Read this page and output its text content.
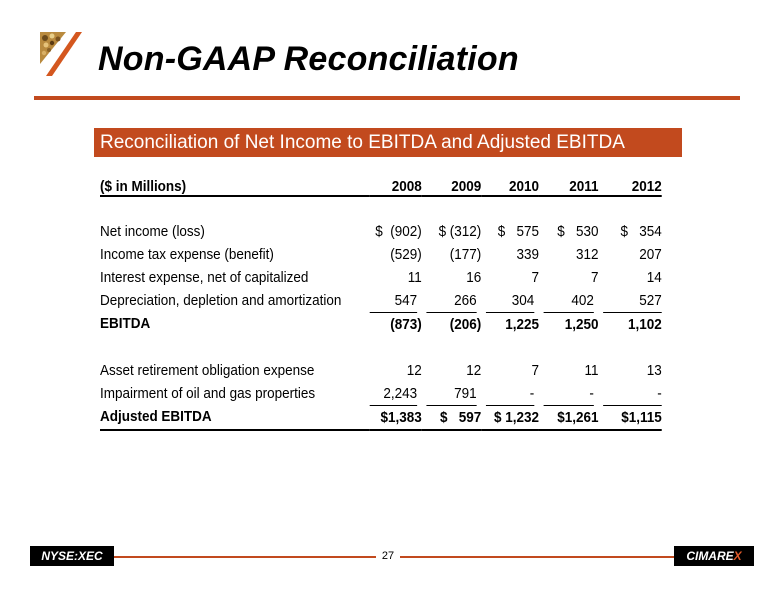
Non-GAAP Reconciliation
Reconciliation of Net Income to EBITDA and Adjusted EBITDA
($ in Millions)	2008	2009	2010	2011	2012

Net income (loss)	$  (902)	$ (312)	$   575	$   530	$   354
Income tax expense (benefit)	(529)	(177)	339	312	207
Interest expense, net of capitalized	11	16	7	7	14
Depreciation, depletion and amortization	547	266	304	402	527
EBITDA	(873)	(206)	1,225	1,250	1,102

Asset retirement obligation expense	12	12	7	11	13
Impairment of oil and gas properties	2,243	791	-	-	-
Adjusted EBITDA	$1,383	$   597	$ 1,232	$1,261	$1,115
NYSE:XEC	27	CIMAREX
